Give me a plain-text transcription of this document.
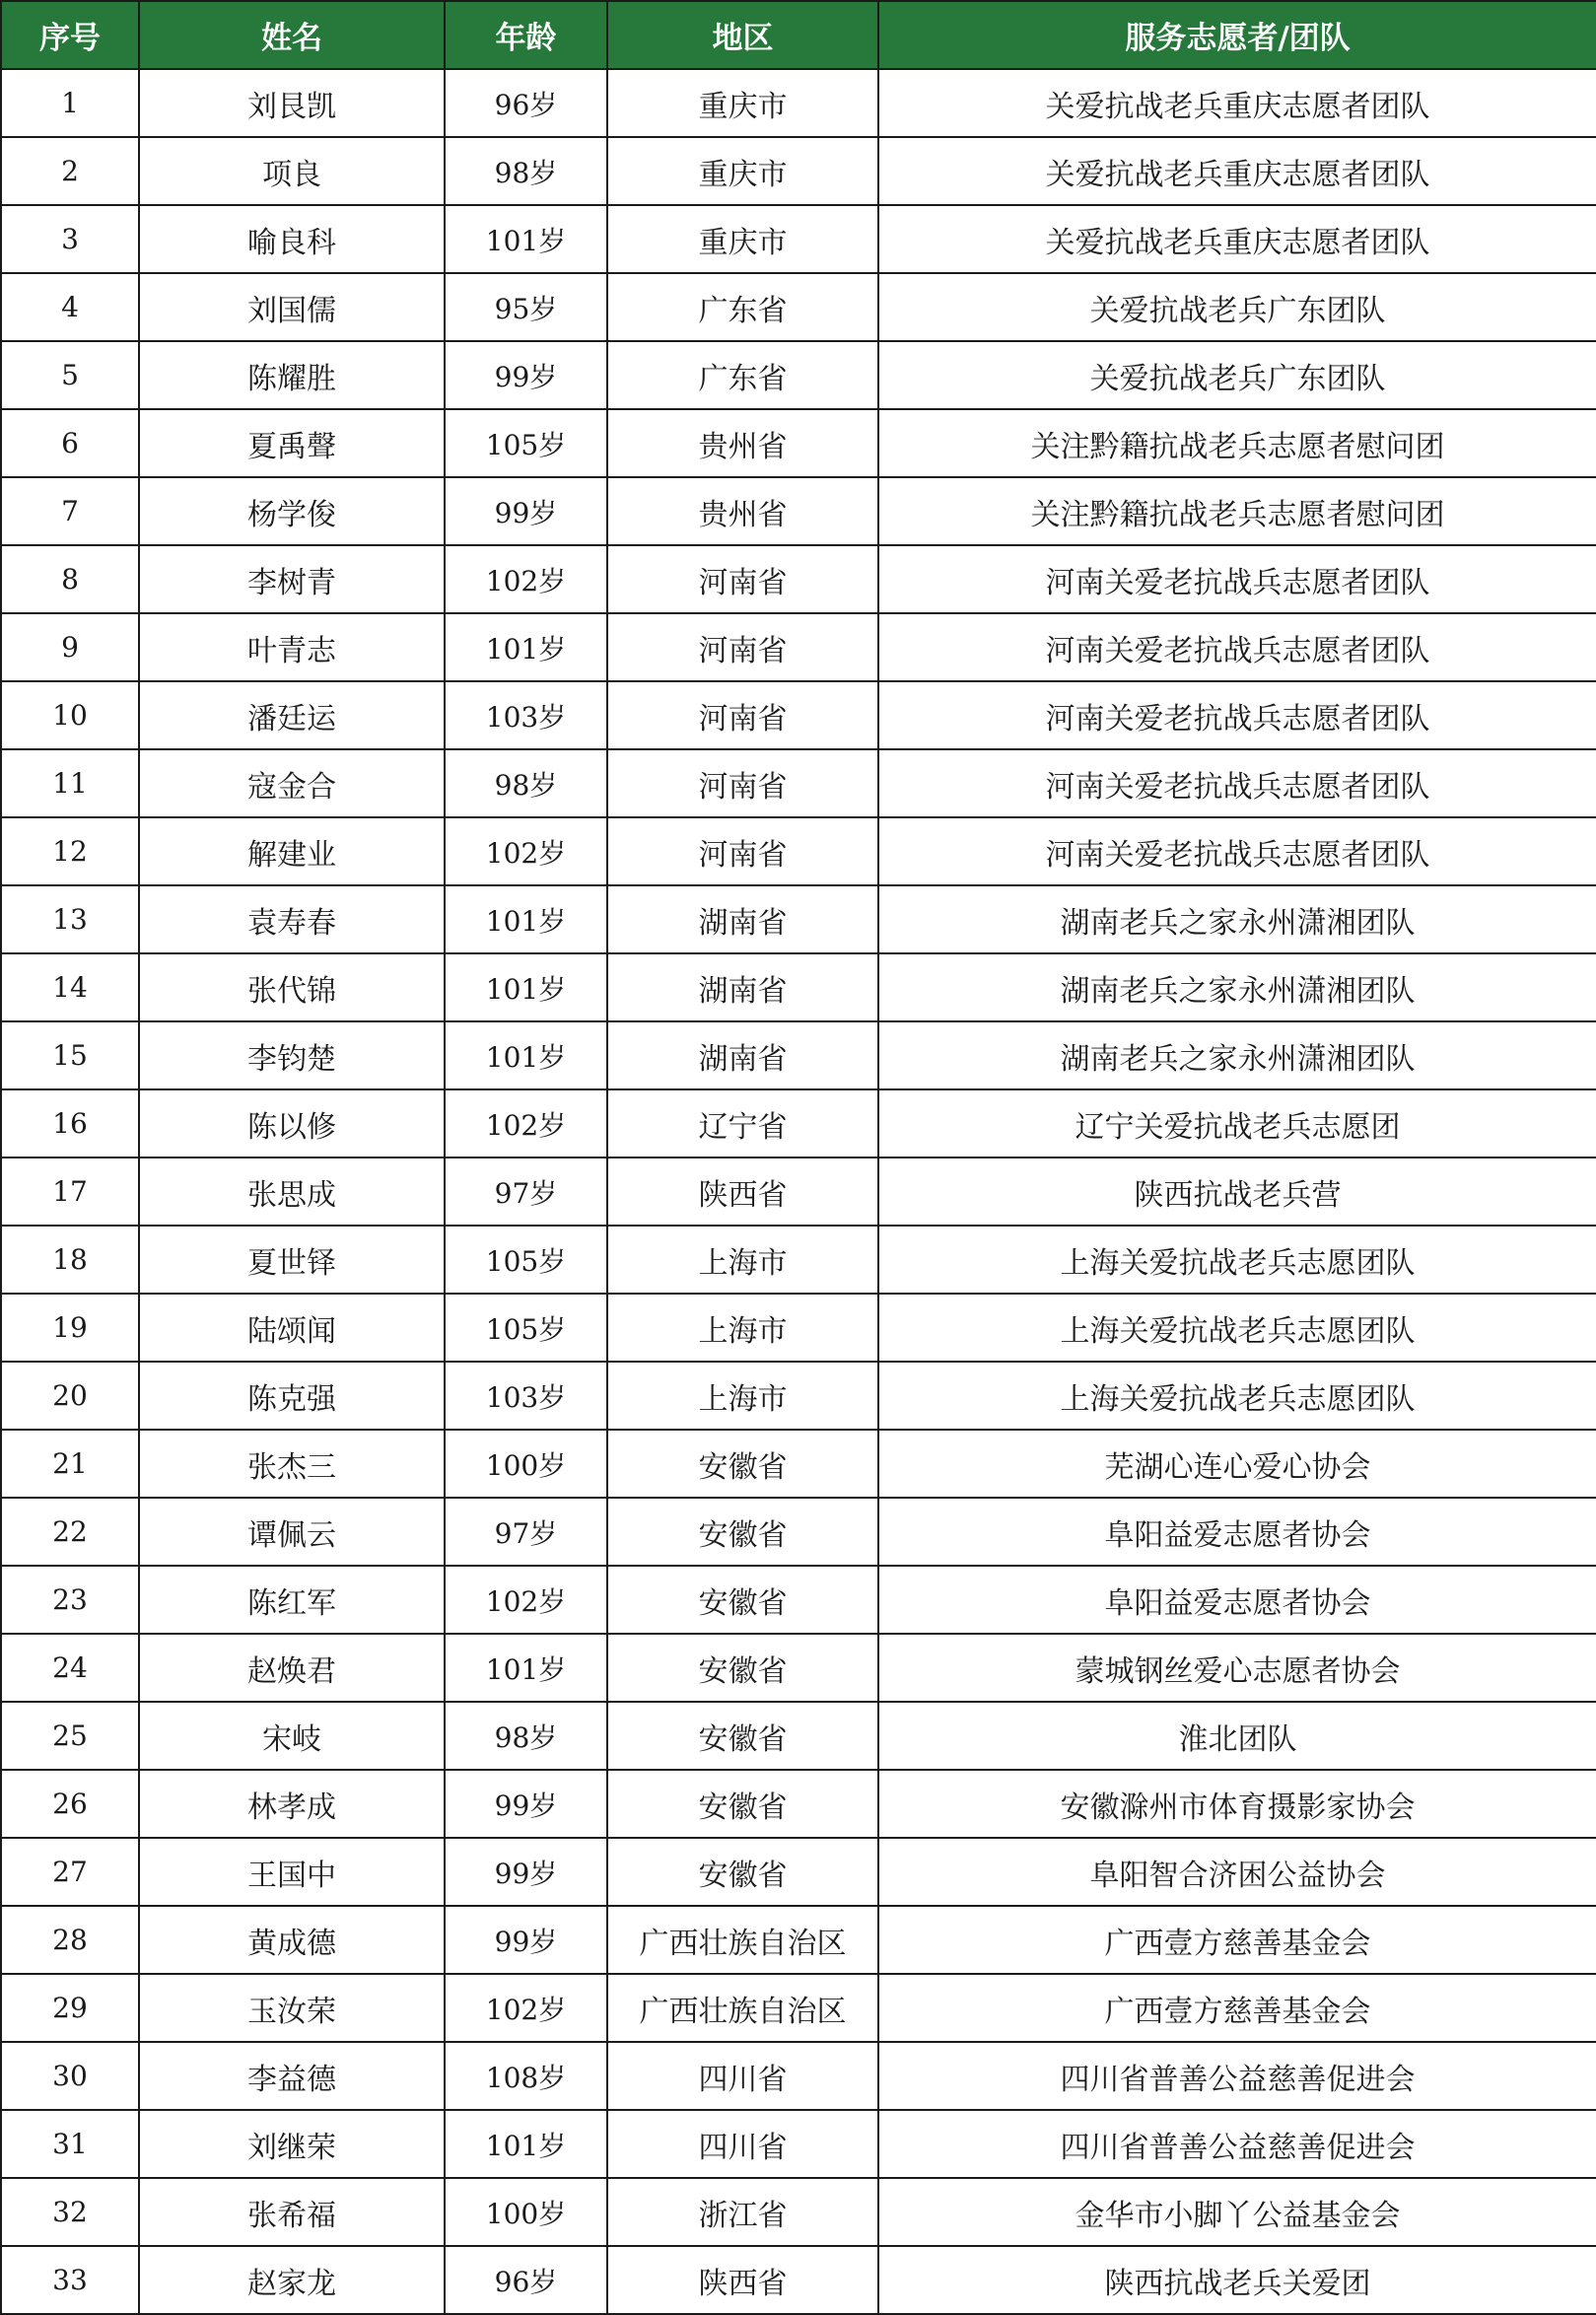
序号	姓名	年龄	地区	服务志愿者/团队
1	刘艮凯	96岁	重庆市	关爱抗战老兵重庆志愿者团队
2	项良	98岁	重庆市	关爱抗战老兵重庆志愿者团队
3	喻良科	101岁	重庆市	关爱抗战老兵重庆志愿者团队
4	刘国儒	95岁	广东省	关爱抗战老兵广东团队
5	陈耀胜	99岁	广东省	关爱抗战老兵广东团队
6	夏禹聲	105岁	贵州省	关注黔籍抗战老兵志愿者慰问团
7	杨学俊	99岁	贵州省	关注黔籍抗战老兵志愿者慰问团
8	李树青	102岁	河南省	河南关爱老抗战兵志愿者团队
9	叶青志	101岁	河南省	河南关爱老抗战兵志愿者团队
10	潘廷运	103岁	河南省	河南关爱老抗战兵志愿者团队
11	寇金合	98岁	河南省	河南关爱老抗战兵志愿者团队
12	解建业	102岁	河南省	河南关爱老抗战兵志愿者团队
13	袁寿春	101岁	湖南省	湖南老兵之家永州潇湘团队
14	张代锦	101岁	湖南省	湖南老兵之家永州潇湘团队
15	李钧楚	101岁	湖南省	湖南老兵之家永州潇湘团队
16	陈以修	102岁	辽宁省	辽宁关爱抗战老兵志愿团
17	张思成	97岁	陕西省	陕西抗战老兵营
18	夏世铎	105岁	上海市	上海关爱抗战老兵志愿团队
19	陆颂闻	105岁	上海市	上海关爱抗战老兵志愿团队
20	陈克强	103岁	上海市	上海关爱抗战老兵志愿团队
21	张杰三	100岁	安徽省	芜湖心连心爱心协会
22	谭佩云	97岁	安徽省	阜阳益爱志愿者协会
23	陈红军	102岁	安徽省	阜阳益爱志愿者协会
24	赵焕君	101岁	安徽省	蒙城钢丝爱心志愿者协会
25	宋岐	98岁	安徽省	淮北团队
26	林孝成	99岁	安徽省	安徽滁州市体育摄影家协会
27	王国中	99岁	安徽省	阜阳智合济困公益协会
28	黄成德	99岁	广西壮族自治区	广西壹方慈善基金会
29	玉汝荣	102岁	广西壮族自治区	广西壹方慈善基金会
30	李益德	108岁	四川省	四川省普善公益慈善促进会
31	刘继荣	101岁	四川省	四川省普善公益慈善促进会
32	张希福	100岁	浙江省	金华市小脚丫公益基金会
33	赵家龙	96岁	陕西省	陕西抗战老兵关爱团
